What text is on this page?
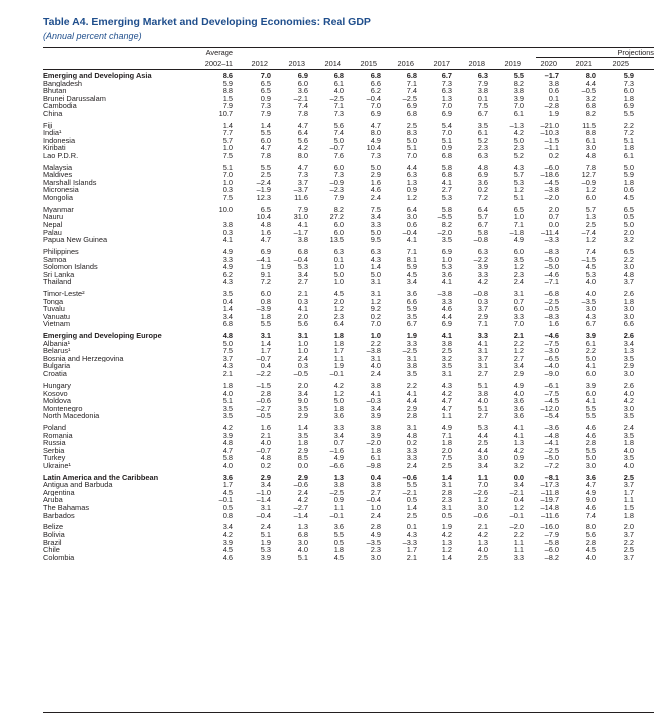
Table A4. Emerging Market and Developing Economies: Real GDP
(Annual percent change)
Average	Projections
2002–11	2012	2013	2014	2015	2016	2017	2018	2019	2020	2021	2025
Emerging and Developing Asia	8.6	7.0	6.9	6.8	6.8	6.8	6.7	6.3	5.5	–1.7	8.0	5.9	
Bangladesh	5.9	6.5	6.0	6.1	6.6	7.1	7.3	7.9	8.2	3.8	4.4	7.3	
Bhutan	8.8	6.5	3.6	4.0	6.2	7.4	6.3	3.8	3.8	0.6	–0.5	6.0	
Brunei Darussalam	1.5	0.9	–2.1	–2.5	–0.4	–2.5	1.3	0.1	3.9	0.1	3.2	1.8	
Cambodia	7.9	7.3	7.4	7.1	7.0	6.9	7.0	7.5	7.0	–2.8	6.8	6.9	
China	10.7	7.9	7.8	7.3	6.9	6.8	6.9	6.7	6.1	1.9	8.2	5.5	

Fiji	1.4	1.4	4.7	5.6	4.7	2.5	5.4	3.5	–1.3	–21.0	11.5	2.2	
India¹	7.7	5.5	6.4	7.4	8.0	8.3	7.0	6.1	4.2	–10.3	8.8	7.2	
Indonesia	5.7	6.0	5.6	5.0	4.9	5.0	5.1	5.2	5.0	–1.5	6.1	5.1	
Kiribati	1.0	4.7	4.2	–0.7	10.4	5.1	0.9	2.3	2.3	–1.1	3.0	1.8	
Lao P.D.R.	7.5	7.8	8.0	7.6	7.3	7.0	6.8	6.3	5.2	0.2	4.8	6.1	

Malaysia	5.1	5.5	4.7	6.0	5.0	4.4	5.8	4.8	4.3	–6.0	7.8	5.0	
Maldives	7.0	2.5	7.3	7.3	2.9	6.3	6.8	6.9	5.7	–18.6	12.7	5.9	
Marshall Islands	1.0	–2.4	3.7	–0.9	1.6	1.3	4.1	3.6	5.3	–4.5	–0.9	1.8	
Micronesia	0.3	–1.9	–3.7	–2.3	4.6	0.9	2.7	0.2	1.2	–3.8	1.2	0.6	
Mongolia	7.5	12.3	11.6	7.9	2.4	1.2	5.3	7.2	5.1	–2.0	6.0	4.5	

Myanmar	10.0	6.5	7.9	8.2	7.5	6.4	5.8	6.4	6.5	2.0	5.7	6.5	
Nauru		10.4	31.0	27.2	3.4	3.0	–5.5	5.7	1.0	0.7	1.3	0.5	
Nepal	3.8	4.8	4.1	6.0	3.3	0.6	8.2	6.7	7.1	0.0	2.5	5.0	
Palau	0.3	1.6	–1.7	6.0	5.0	–0.4	–2.0	5.8	–1.8	–11.4	–7.4	2.0	
Papua New Guinea	4.1	4.7	3.8	13.5	9.5	4.1	3.5	–0.8	4.9	–3.3	1.2	3.2	

Philippines	4.9	6.9	6.8	6.3	6.3	7.1	6.9	6.3	6.0	–8.3	7.4	6.5	
Samoa	3.3	–4.1	–0.4	0.1	4.3	8.1	1.0	–2.2	3.5	–5.0	–1.5	2.2	
Solomon Islands	4.9	1.9	5.3	1.0	1.4	5.9	5.3	3.9	1.2	–5.0	4.5	3.0	
Sri Lanka	6.2	9.1	3.4	5.0	5.0	4.5	3.6	3.3	2.3	–4.6	5.3	4.8	
Thailand	4.3	7.2	2.7	1.0	3.1	3.4	4.1	4.2	2.4	–7.1	4.0	3.7	

Timor-Leste²	3.5	6.0	2.1	4.5	3.1	3.6	–3.8	–0.8	3.1	–6.8	4.0	2.6	
Tonga	0.4	0.8	0.3	2.0	1.2	6.6	3.3	0.3	0.7	–2.5	–3.5	1.8	
Tuvalu	1.4	–3.9	4.1	1.2	9.2	5.9	4.6	3.7	6.0	–0.5	3.0	3.0	
Vanuatu	3.4	1.8	2.0	2.3	0.2	3.5	4.4	2.9	3.3	–8.3	4.3	3.0	
Vietnam	6.8	5.5	5.6	6.4	7.0	6.7	6.9	7.1	7.0	1.6	6.7	6.6	

Emerging and Developing Europe	4.8	3.1	3.1	1.8	1.0	1.9	4.1	3.3	2.1	–4.6	3.9	2.6	
Albania¹	5.0	1.4	1.0	1.8	2.2	3.3	3.8	4.1	2.2	–7.5	6.1	3.4	
Belarus¹	7.5	1.7	1.0	1.7	–3.8	–2.5	2.5	3.1	1.2	–3.0	2.2	1.3	
Bosnia and Herzegovina	3.7	–0.7	2.4	1.1	3.1	3.1	3.2	3.7	2.7	–6.5	5.0	3.5	
Bulgaria	4.3	0.4	0.3	1.9	4.0	3.8	3.5	3.1	3.4	–4.0	4.1	2.9	
Croatia	2.1	–2.2	–0.5	–0.1	2.4	3.5	3.1	2.7	2.9	–9.0	6.0	3.0	

Hungary	1.8	–1.5	2.0	4.2	3.8	2.2	4.3	5.1	4.9	–6.1	3.9	2.6	
Kosovo	4.0	2.8	3.4	1.2	4.1	4.1	4.2	3.8	4.0	–7.5	6.0	4.0	
Moldova	5.1	–0.6	9.0	5.0	–0.3	4.4	4.7	4.0	3.6	–4.5	4.1	4.2	
Montenegro	3.5	–2.7	3.5	1.8	3.4	2.9	4.7	5.1	3.6	–12.0	5.5	3.0	
North Macedonia	3.5	–0.5	2.9	3.6	3.9	2.8	1.1	2.7	3.6	–5.4	5.5	3.5	

Poland	4.2	1.6	1.4	3.3	3.8	3.1	4.9	5.3	4.1	–3.6	4.6	2.4	
Romania	3.9	2.1	3.5	3.4	3.9	4.8	7.1	4.4	4.1	–4.8	4.6	3.5	
Russia	4.8	4.0	1.8	0.7	–2.0	0.2	1.8	2.5	1.3	–4.1	2.8	1.8	
Serbia	4.7	–0.7	2.9	–1.6	1.8	3.3	2.0	4.4	4.2	–2.5	5.5	4.0	
Turkey	5.8	4.8	8.5	4.9	6.1	3.3	7.5	3.0	0.9	–5.0	5.0	3.5	
Ukraine¹	4.0	0.2	0.0	–6.6	–9.8	2.4	2.5	3.4	3.2	–7.2	3.0	4.0	

Latin America and the Caribbean	3.6	2.9	2.9	1.3	0.4	–0.6	1.4	1.1	0.0	–8.1	3.6	2.5	
Antigua and Barbuda	1.7	3.4	–0.6	3.8	3.8	5.5	3.1	7.0	3.4	–17.3	4.7	3.7	
Argentina	4.5	–1.0	2.4	–2.5	2.7	–2.1	2.8	–2.6	–2.1	–11.8	4.9	1.7	
Aruba	–0.1	–1.4	4.2	0.9	–0.4	0.5	2.3	1.2	0.4	–19.7	9.0	1.1	
The Bahamas	0.5	3.1	–2.7	1.1	1.0	1.4	3.1	3.0	1.2	–14.8	4.6	1.5	
Barbados	0.8	–0.4	–1.4	–0.1	2.4	2.5	0.5	–0.6	–0.1	–11.6	7.4	1.8	

Belize	3.4	2.4	1.3	3.6	2.8	0.1	1.9	2.1	–2.0	–16.0	8.0	2.0	
Bolivia	4.2	5.1	6.8	5.5	4.9	4.3	4.2	4.2	2.2	–7.9	5.6	3.7	
Brazil	3.9	1.9	3.0	0.5	–3.5	–3.3	1.3	1.3	1.1	–5.8	2.8	2.2	
Chile	4.5	5.3	4.0	1.8	2.3	1.7	1.2	4.0	1.1	–6.0	4.5	2.5	
Colombia	4.6	3.9	5.1	4.5	3.0	2.1	1.4	2.5	3.3	–8.2	4.0	3.7	
